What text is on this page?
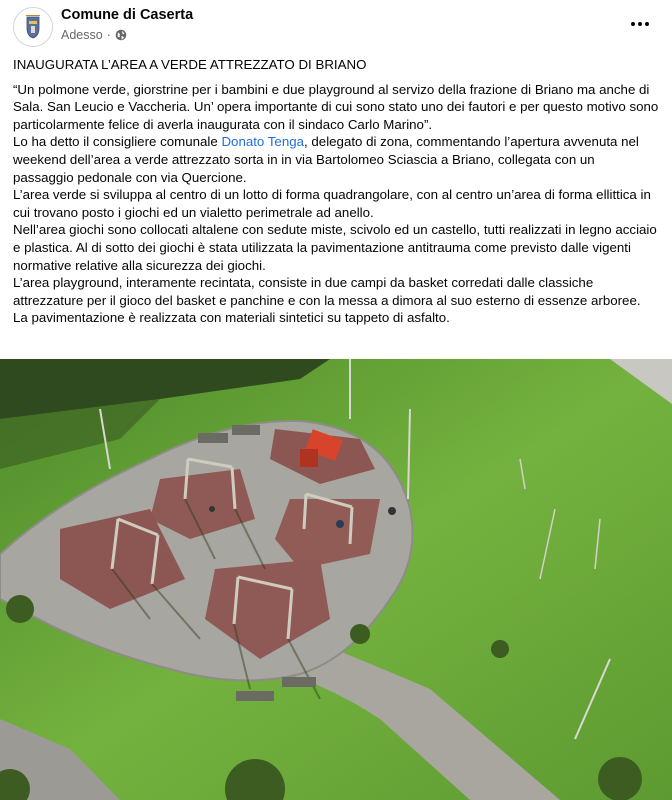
Comune di Caserta
Adesso ·

INAUGURATA L’AREA A VERDE ATTREZZATO DI BRIANO

“Un polmone verde, giorstrine per i bambini e due playground al servizo della frazione di Briano ma anche di Sala. San Leucio e Vaccheria. Un’ opera importante di cui sono stato uno dei fautori e per questo motivo sono particolarmente felice di averla inaugurata con il sindaco Carlo Marino”.

Lo ha detto il consigliere comunale Donato Tenga, delegato di zona, commentando l’apertura avvenuta nel weekend dell’area a verde attrezzato sorta in in via Bartolomeo Sciascia a Briano, collegata con un passaggio pedonale con via Quercione.

L’area verde si sviluppa al centro di un lotto di forma quadrangolare, con al centro un’area di forma ellittica in cui trovano posto i giochi ed un vialetto perimetrale ad anello.

Nell’area giochi sono collocati altalene con sedute miste, scivolo ed un castello, tutti realizzati in legno acciaio e plastica. Al di sotto dei giochi è stata utilizzata la pavimentazione antitrauma come previsto dalle vigenti normative relative alla sicurezza dei giochi.

L’area playground, interamente recintata, consiste in due campi da basket corredati dalle classiche attrezzature per il gioco del basket e panchine e con la messa a dimora al suo esterno di essenze arboree. La pavimentazione è realizzata con materiali sintetici su tappeto di asfalto.
